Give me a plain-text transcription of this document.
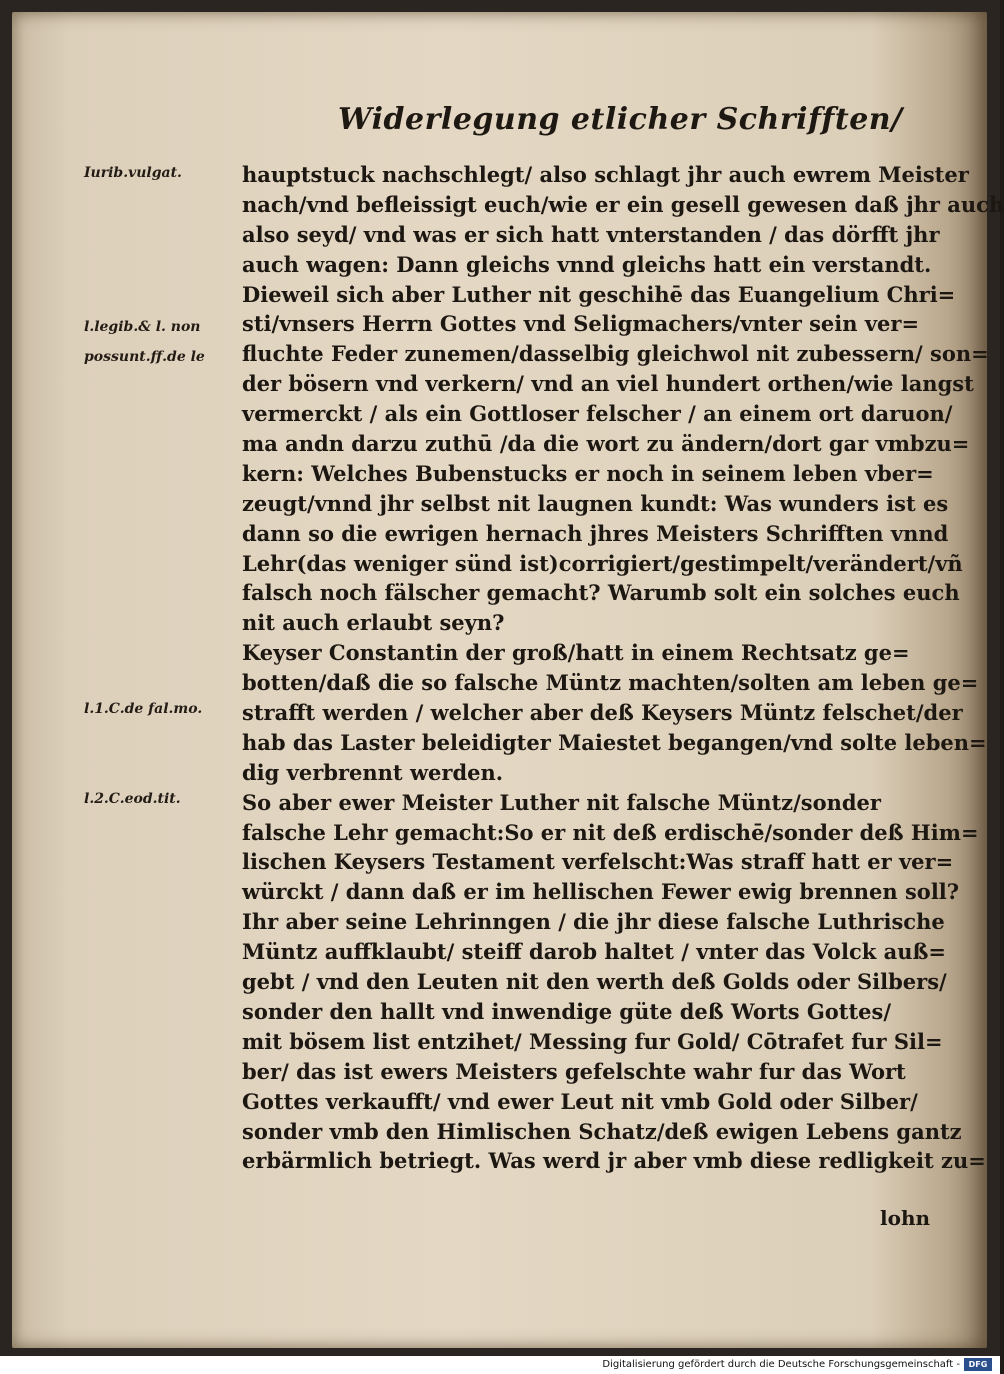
Widerlegung etlicher Schrifften/
Iurib.vulgat.
l.legib.& l. non
possunt.ff.de le
l.1.C.de fal.mo.
l.2.C.eod.tit.
hauptstuck nachschlegt/ also schlagt jhr auch ewrem Meister
nach/vnd befleissigt euch/wie er ein gesell gewesen daß jhr auch
also seyd/ vnd was er sich hatt vnterstanden / das dörfft jhr
auch wagen: Dann gleichs vnnd gleichs hatt ein verstandt.
Dieweil sich aber Luther nit geschihē das Euangelium Chri=
sti/vnsers Herrn Gottes vnd Seligmachers/vnter sein ver=
fluchte Feder zunemen/dasselbig gleichwol nit zubessern/ son=
der bösern vnd verkern/ vnd an viel hundert orthen/wie langst
vermerckt / als ein Gottloser felscher / an einem ort daruon/
ma andn darzu zuthū /da die wort zu ändern/dort gar vmbzu=
kern: Welches Bubenstucks er noch in seinem leben vber=
zeugt/vnnd jhr selbst nit laugnen kundt: Was wunders ist es
dann so die ewrigen hernach jhres Meisters Schrifften vnnd
Lehr(das weniger sünd ist)corrigiert/gestimpelt/verändert/vñ
falsch noch fälscher gemacht? Warumb solt ein solches euch
nit auch erlaubt seyn?
Keyser Constantin der groß/hatt in einem Rechtsatz ge=
botten/daß die so falsche Müntz machten/solten am leben ge=
strafft werden / welcher aber deß Keysers Müntz felschet/der
hab das Laster beleidigter Maiestet begangen/vnd solte leben=
dig verbrennt werden.
So aber ewer Meister Luther nit falsche Müntz/sonder
falsche Lehr gemacht:So er nit deß erdischē/sonder deß Him=
lischen Keysers Testament verfelscht:Was straff hatt er ver=
würckt / dann daß er im hellischen Fewer ewig brennen soll?
Ihr aber seine Lehrinngen / die jhr diese falsche Luthrische
Müntz auffklaubt/ steiff darob haltet / vnter das Volck auß=
gebt / vnd den Leuten nit den werth deß Golds oder Silbers/
sonder den hallt vnd inwendige güte deß Worts Gottes/
mit bösem list entzihet/ Messing fur Gold/ Cōtrafet fur Sil=
ber/ das ist ewers Meisters gefelschte wahr fur das Wort
Gottes verkaufft/ vnd ewer Leut nit vmb Gold oder Silber/
sonder vmb den Himlischen Schatz/deß ewigen Lebens gantz
erbärmlich betriegt. Was werd jr aber vmb diese redligkeit zu=
lohn
Digitalisierung gefördert durch die Deutsche Forschungsgemeinschaft -	DFG
